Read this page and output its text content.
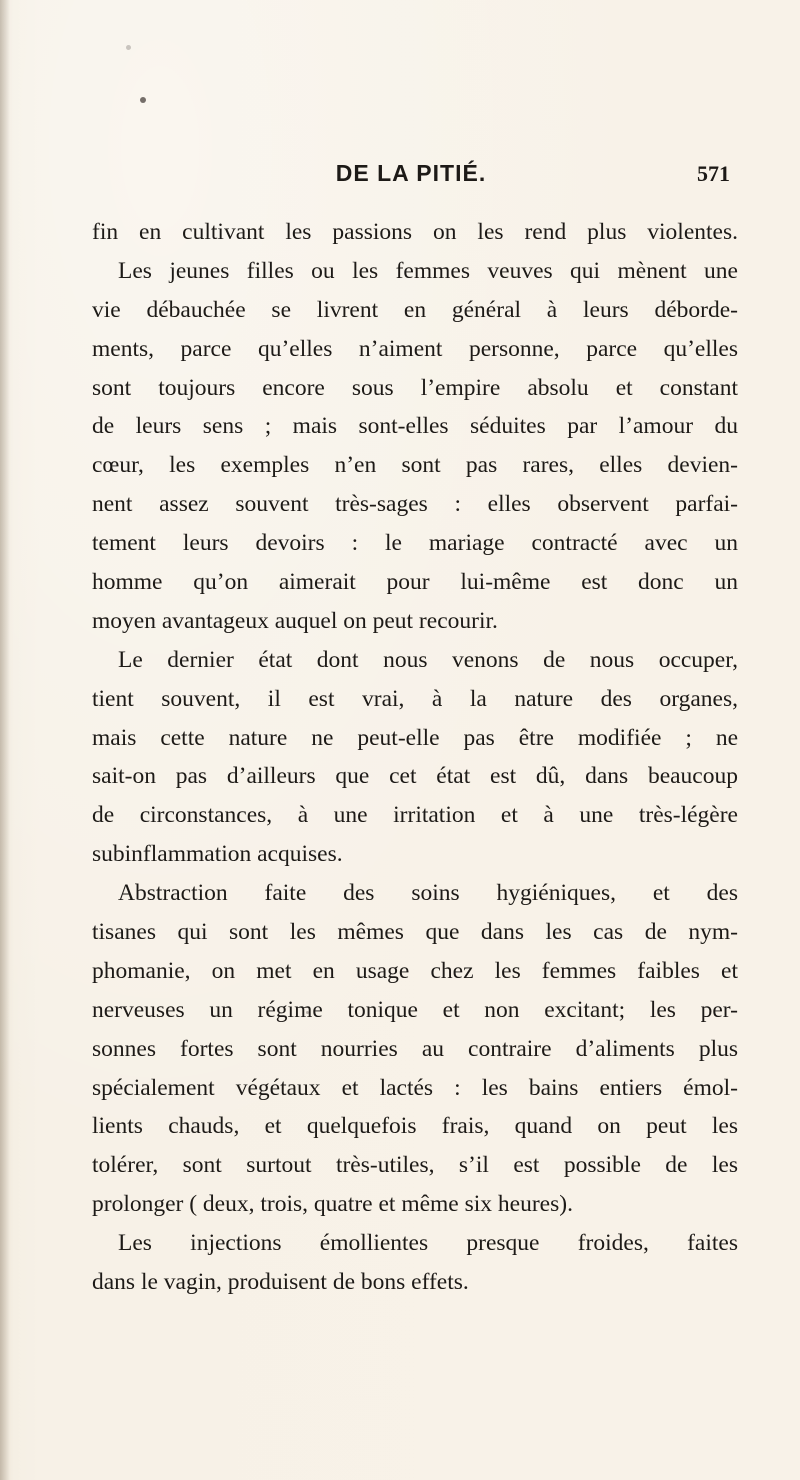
DE LA PITIÉ.	571
fin en cultivant les passions on les rend plus violentes.
Les jeunes filles ou les femmes veuves qui mènent une
vie débauchée se livrent en général à leurs déborde-
ments, parce qu’elles n’aiment personne, parce qu’elles
sont toujours encore sous l’empire absolu et constant
de leurs sens ; mais sont-elles séduites par l’amour du
cœur, les exemples n’en sont pas rares, elles devien-
nent assez souvent très-sages : elles observent parfai-
tement leurs devoirs : le mariage contracté avec un
homme qu’on aimerait pour lui-même est donc un
moyen avantageux auquel on peut recourir.
Le dernier état dont nous venons de nous occuper,
tient souvent, il est vrai, à la nature des organes,
mais cette nature ne peut-elle pas être modifiée ; ne
sait-on pas d’ailleurs que cet état est dû, dans beaucoup
de circonstances, à une irritation et à une très-légère
subinflammation acquises.
Abstraction faite des soins hygiéniques, et des
tisanes qui sont les mêmes que dans les cas de nym-
phomanie, on met en usage chez les femmes faibles et
nerveuses un régime tonique et non excitant; les per-
sonnes fortes sont nourries au contraire d’aliments plus
spécialement végétaux et lactés : les bains entiers émol-
lients chauds, et quelquefois frais, quand on peut les
tolérer, sont surtout très-utiles, s’il est possible de les
prolonger ( deux, trois, quatre et même six heures).
Les injections émollientes presque froides, faites
dans le vagin, produisent de bons effets.
